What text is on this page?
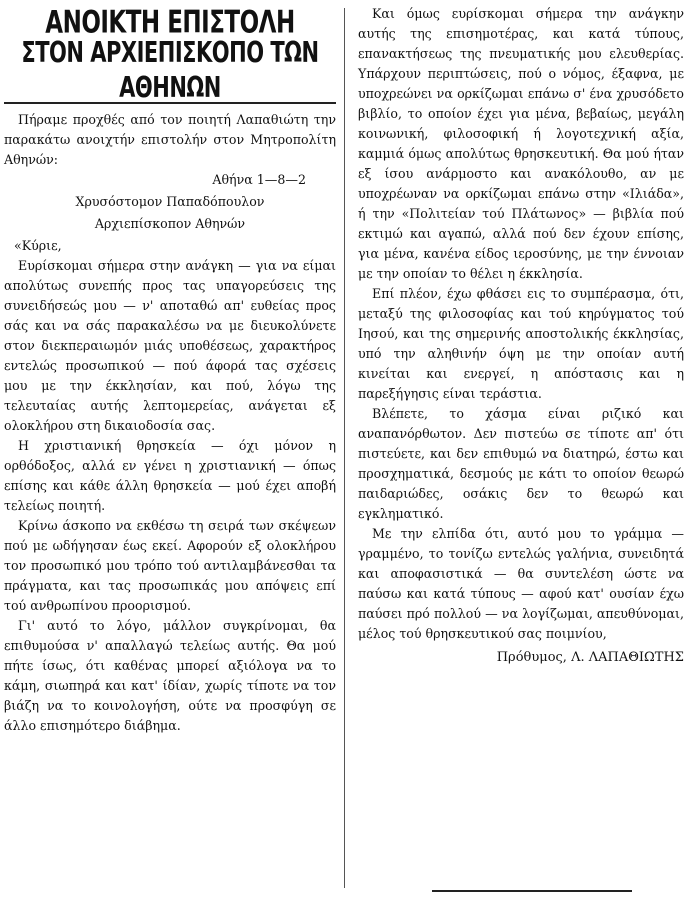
ΑΝΟΙΚΤΗ ΕΠΙΣΤΟΛΗ
ΣΤΟΝ ΑΡΧΙΕΠΙΣΚΟΠΟ ΤΩΝ ΑΘΗΝΩΝ

Πήραμε προχθές από τον ποιητή Λαπαθιώτη την παρακάτω ανοιχτήν επιστολήν στον Μητροπολίτη Αθηνών:

Αθήνα 1—8—2

Χρυσόστομον Παπαδόπουλον

Αρχιεπίσκοπον Αθηνών

«Κύριε,

Ευρίσκομαι σήμερα στην ανάγκη — για να είμαι απολύτως συνεπής προς τας υπαγορεύσεις της συνειδήσεώς μου — ν' αποταθώ απ' ευθείας προς σάς και να σάς παρακαλέσω να με διευκολύνετε στον διεκπεραιωμόν μιάς υποθέσεως, χαρακτήρος εντελώς προσωπικού — πού άφορά τας σχέσεις μου με την έκκλησίαν, και πού, λόγω της τελευταίας αυτής λεπτομερείας, ανάγεται εξ ολοκλήρου στη δικαιοδοσία σας.

Η χριστιανική θρησκεία — όχι μόνον η ορθόδοξος, αλλά εν γένει η χριστιανική — όπως επίσης και κάθε άλλη θρησκεία — μού έχει αποβή τελείως ποιητή.

Κρίνω άσκοπο να εκθέσω τη σειρά των σκέψεων πού με ωδήγησαν έως εκεί. Αφορούν εξ ολοκλήρου τον προσωπικό μου τρόπο τού αντιλαμβάνεσθαι τα πράγματα, και τας προσωπικάς μου απόψεις επί τού ανθρωπίνου προορισμού.

Γι' αυτό το λόγο, μάλλον συγκρίνομαι, θα επιθυμούσα ν' απαλλαγώ τελείως αυτής. Θα μού πήτε ίσως, ότι καθένας μπορεί αξιόλογα να το κάμη, σιωπηρά και κατ' ίδίαν, χωρίς τίποτε να τον βιάζη να το κοινολογήση, ούτε να προσφύγη σε άλλο επισημότερο διάβημα.

Και όμως ευρίσκομαι σήμερα την ανάγκην αυτής της επισημοτέρας, και κατά τύπους, επανακτήσεως της πνευματικής μου ελευθερίας. Υπάρχουν περιπτώσεις, πού ο νόμος, έξαφνα, με υποχρεώνει να ορκίζωμαι επάνω σ' ένα χρυσόδετο βιβλίο, το οποίον έχει για μένα, βεβαίως, μεγάλη κοινωνική, φιλοσοφική ή λογοτεχνική αξία, καμμιά όμως απολύτως θρησκευτική. Θα μού ήταν εξ ίσου ανάρμοστο και ανακόλουθο, αν με υποχρέωναν να ορκίζωμαι επάνω στην «Ιλιάδα», ή την «Πολιτείαν τού Πλάτωνος» — βιβλία πού εκτιμώ και αγαπώ, αλλά πού δεν έχουν επίσης, για μένα, κανένα είδος ιεροσύνης, με την έννοιαν με την οποίαν το θέλει η έκκλησία.

Επί πλέον, έχω φθάσει εις το συμπέρασμα, ότι, μεταξύ της φιλοσοφίας και τού κηρύγματος τού Ιησού, και της σημερινής αποστολικής έκκλησίας, υπό την αληθινήν όψη με την οποίαν αυτή κινείται και ενεργεί, η απόστασις και η παρεξήγησις είναι τεράστια.

Βλέπετε, το χάσμα είναι ριζικό και αναπανόρθωτον. Δεν πιστεύω σε τίποτε απ' ότι πιστεύετε, και δεν επιθυμώ να διατηρώ, έστω και προσχηματικά, δεσμούς με κάτι το οποίον θεωρώ παιδαριώδες, οσάκις δεν το θεωρώ και εγκληματικό.

Με την ελπίδα ότι, αυτό μου το γράμμα — γραμμένο, το τονίζω εντελώς γαλήνια, συνειδητά και αποφασιστικά — θα συντελέση ώστε να παύσω και κατά τύπους — αφού κατ' ουσίαν έχω παύσει πρό πολλού — να λογίζωμαι, απευθύνομαι, μέλος τού θρησκευτικού σας ποιμνίου,

Πρόθυμος, Λ. ΛΑΠΑΘΙΩΤΗΣ
